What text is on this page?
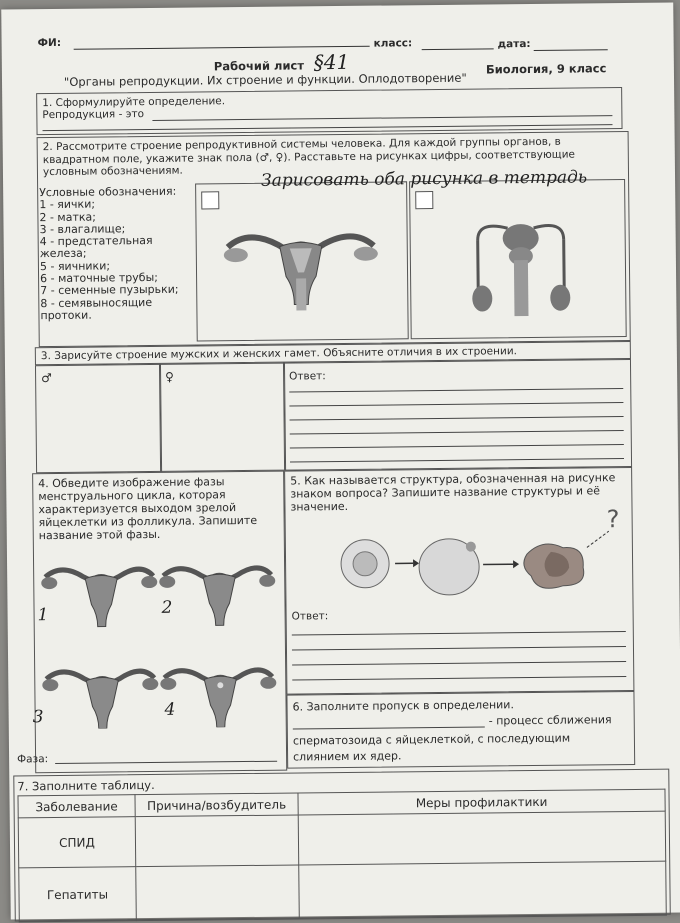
ФИ:	класс:	дата:
Рабочий лист §41
"Органы репродукции. Их строение и функции. Оплодотворение"
Биология, 9 класс
1. Сформулируйте определение.
Репродукция - это
2. Рассмотрите строение репродуктивной системы человека. Для каждой группы органов, в квадратном поле, укажите знак пола (♂, ♀). Расставьте на рисунках цифры, соответствующие условным обозначениям.
Условные обозначения:
1 - яички;
2 - матка;
3 - влагалище;
4 - предстательная
железа;
5 - яичники;
6 - маточные трубы;
7 - семенные пузырьки;
8 - семявыносящие
протоки.
Зарисовать оба рисунка в тетрадь
3. Зарисуйте строение мужских и женских гамет. Объясните отличия в их строении.
♂	♀	Ответ:
4. Обведите изображение фазы менструального цикла, которая характеризуется выходом зрелой яйцеклетки из фолликула. Запишите название этой фазы.
1	2
3	4
Фаза:
5. Как называется структура, обозначенная на рисунке знаком вопроса? Запишите название структуры и её значение.	?
Ответ:
6. Заполните пропуск в определении.
- процесс сближения
сперматозоида с яйцеклеткой, с последующим
слиянием их ядер.
7. Заполните таблицу.
Заболевание	Причина/возбудитель	Меры профилактики
СПИД		
Гепатиты		
